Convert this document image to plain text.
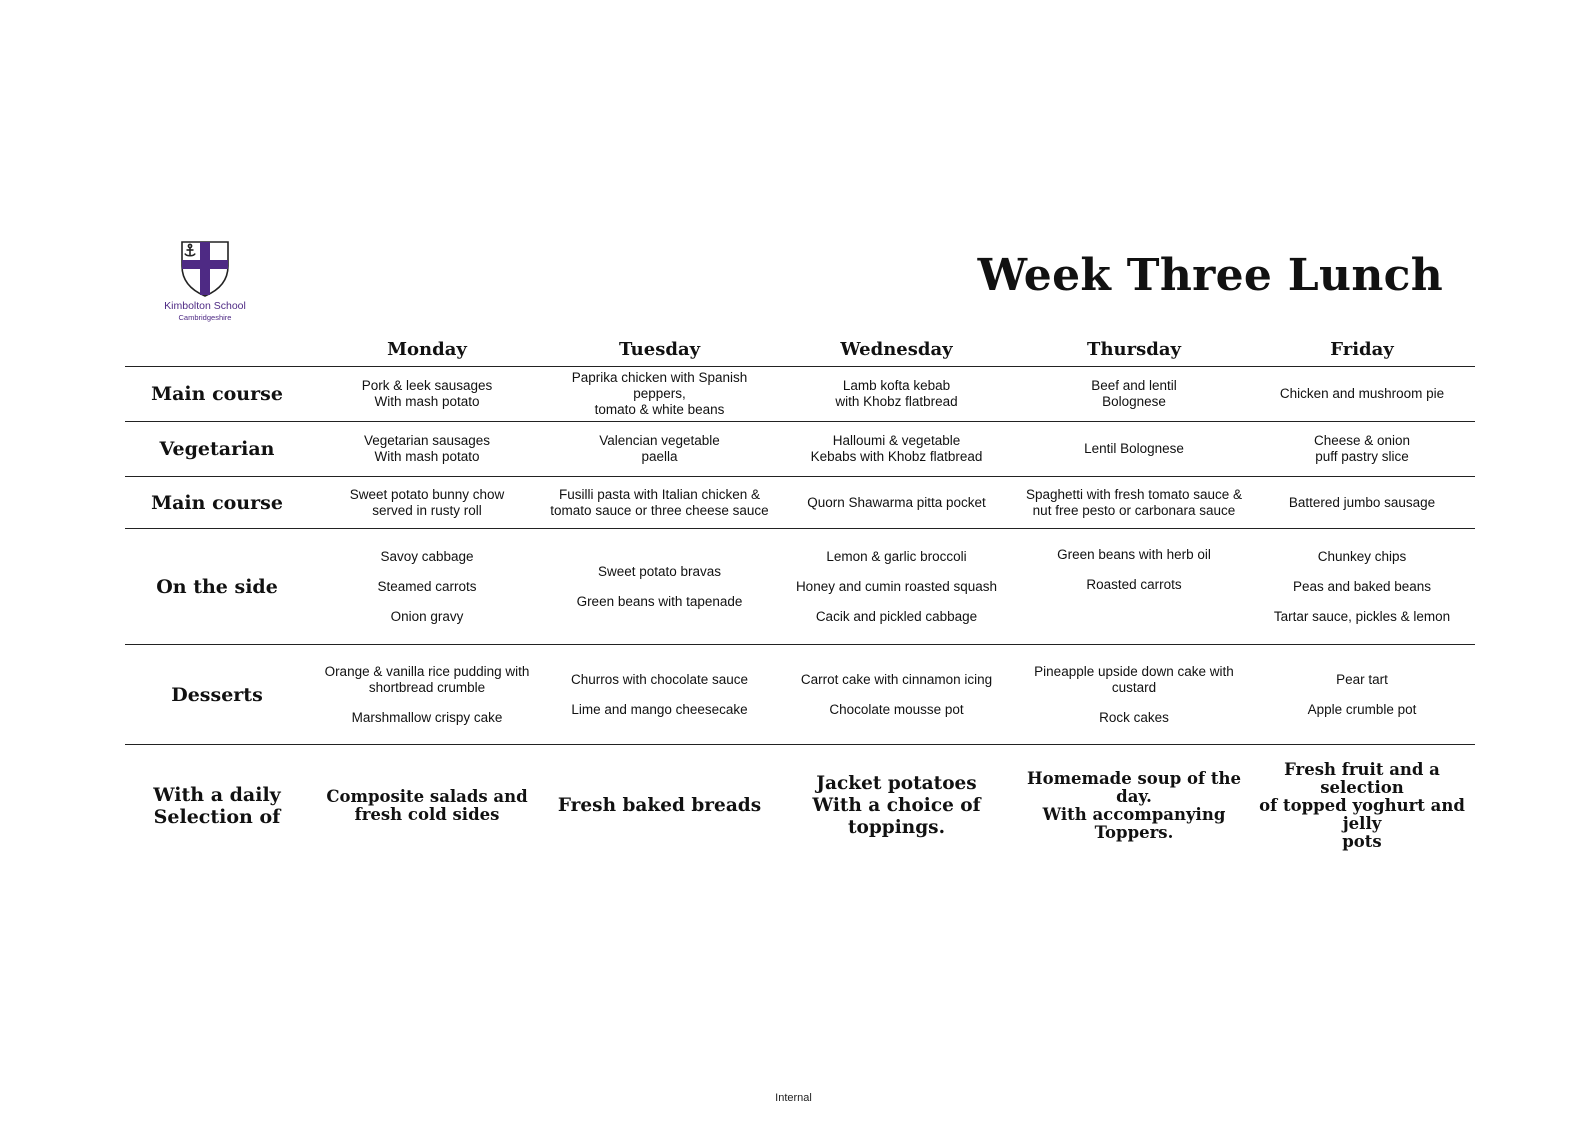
Kimbolton School
Cambridgeshire
Week Three Lunch
	Monday	Tuesday	Wednesday	Thursday	Friday
Main course	Pork & leek sausages
With mash potato	Paprika chicken with Spanish peppers,
tomato & white beans	Lamb kofta kebab
with Khobz flatbread	Beef and lentil
Bolognese	Chicken and mushroom pie

Vegetarian	Vegetarian sausages
With mash potato	Valencian vegetable
paella	Halloumi & vegetable
Kebabs with Khobz flatbread	Lentil Bolognese	Cheese & onion
puff pastry slice

Main course	Sweet potato bunny chow
served in rusty roll	Fusilli pasta with Italian chicken &
tomato sauce or three cheese sauce	Quorn Shawarma pitta pocket	Spaghetti with fresh tomato sauce &
nut free pesto or carbonara sauce	Battered jumbo sausage

On the side	Savoy cabbage
Steamed carrots
Onion gravy	Sweet potato bravas
Green beans with tapenade	Lemon & garlic broccoli
Honey and cumin roasted squash
Cacik and pickled cabbage	Green beans with herb oil
Roasted carrots	Chunkey chips
Peas and baked beans
Tartar sauce, pickles & lemon

Desserts	Orange & vanilla rice pudding with
shortbread crumble
Marshmallow crispy cake	Churros with chocolate sauce
Lime and mango cheesecake	Carrot cake with cinnamon icing
Chocolate mousse pot	Pineapple upside down cake with
custard
Rock cakes	Pear tart
Apple crumble pot

With a daily
Selection of	Composite salads and
fresh cold sides	Fresh baked breads	Jacket potatoes
With a choice of toppings.	Homemade soup of the
day.
With accompanying
Toppers.	Fresh fruit and a selection
of topped yoghurt and jelly
pots
Internal
